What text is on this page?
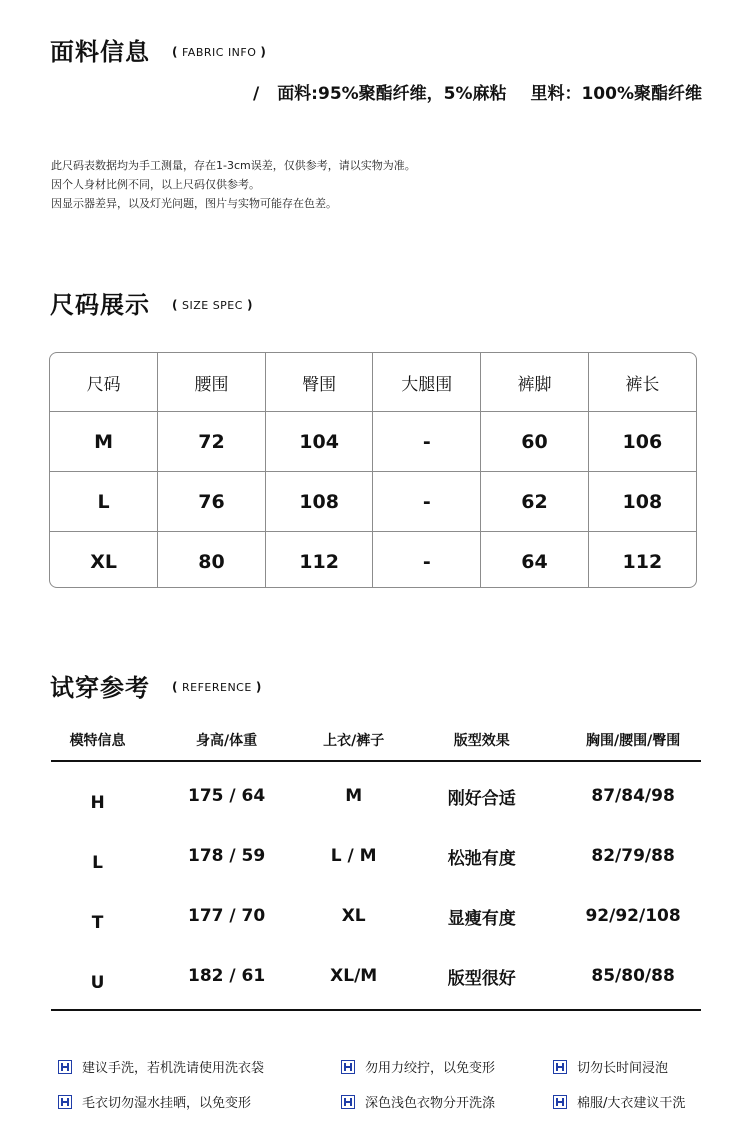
面料信息 ( FABRIC INFO )
/ 面料:95%聚酯纤维，5%麻粘 里料：100%聚酯纤维
此尺码表数据均为手工测量，存在1-3cm误差，仅供参考，请以实物为准。
因个人身材比例不同，以上尺码仅供参考。
因显示器差异，以及灯光问题，图片与实物可能存在色差。
尺码展示 ( SIZE SPEC )
尺码	腰围	臀围	大腿围	裤脚	裤长
M	72	104	-	60	106
L	76	108	-	62	108
XL	80	112	-	64	112
试穿参考 ( REFERENCE )
模特信息	身高/体重	上衣/裤子	版型效果	胸围/腰围/臀围
H	175 / 64	M	刚好合适	87/84/98
L	178 / 59	L / M	松弛有度	82/79/88
T	177 / 70	XL	显瘦有度	92/92/108
U	182 / 61	XL/M	版型很好	85/80/88
建议手洗，若机洗请使用洗衣袋	勿用力绞拧，以免变形	切勿长时间浸泡
毛衣切勿湿水挂晒，以免变形	深色浅色衣物分开洗涤	棉服/大衣建议干洗
